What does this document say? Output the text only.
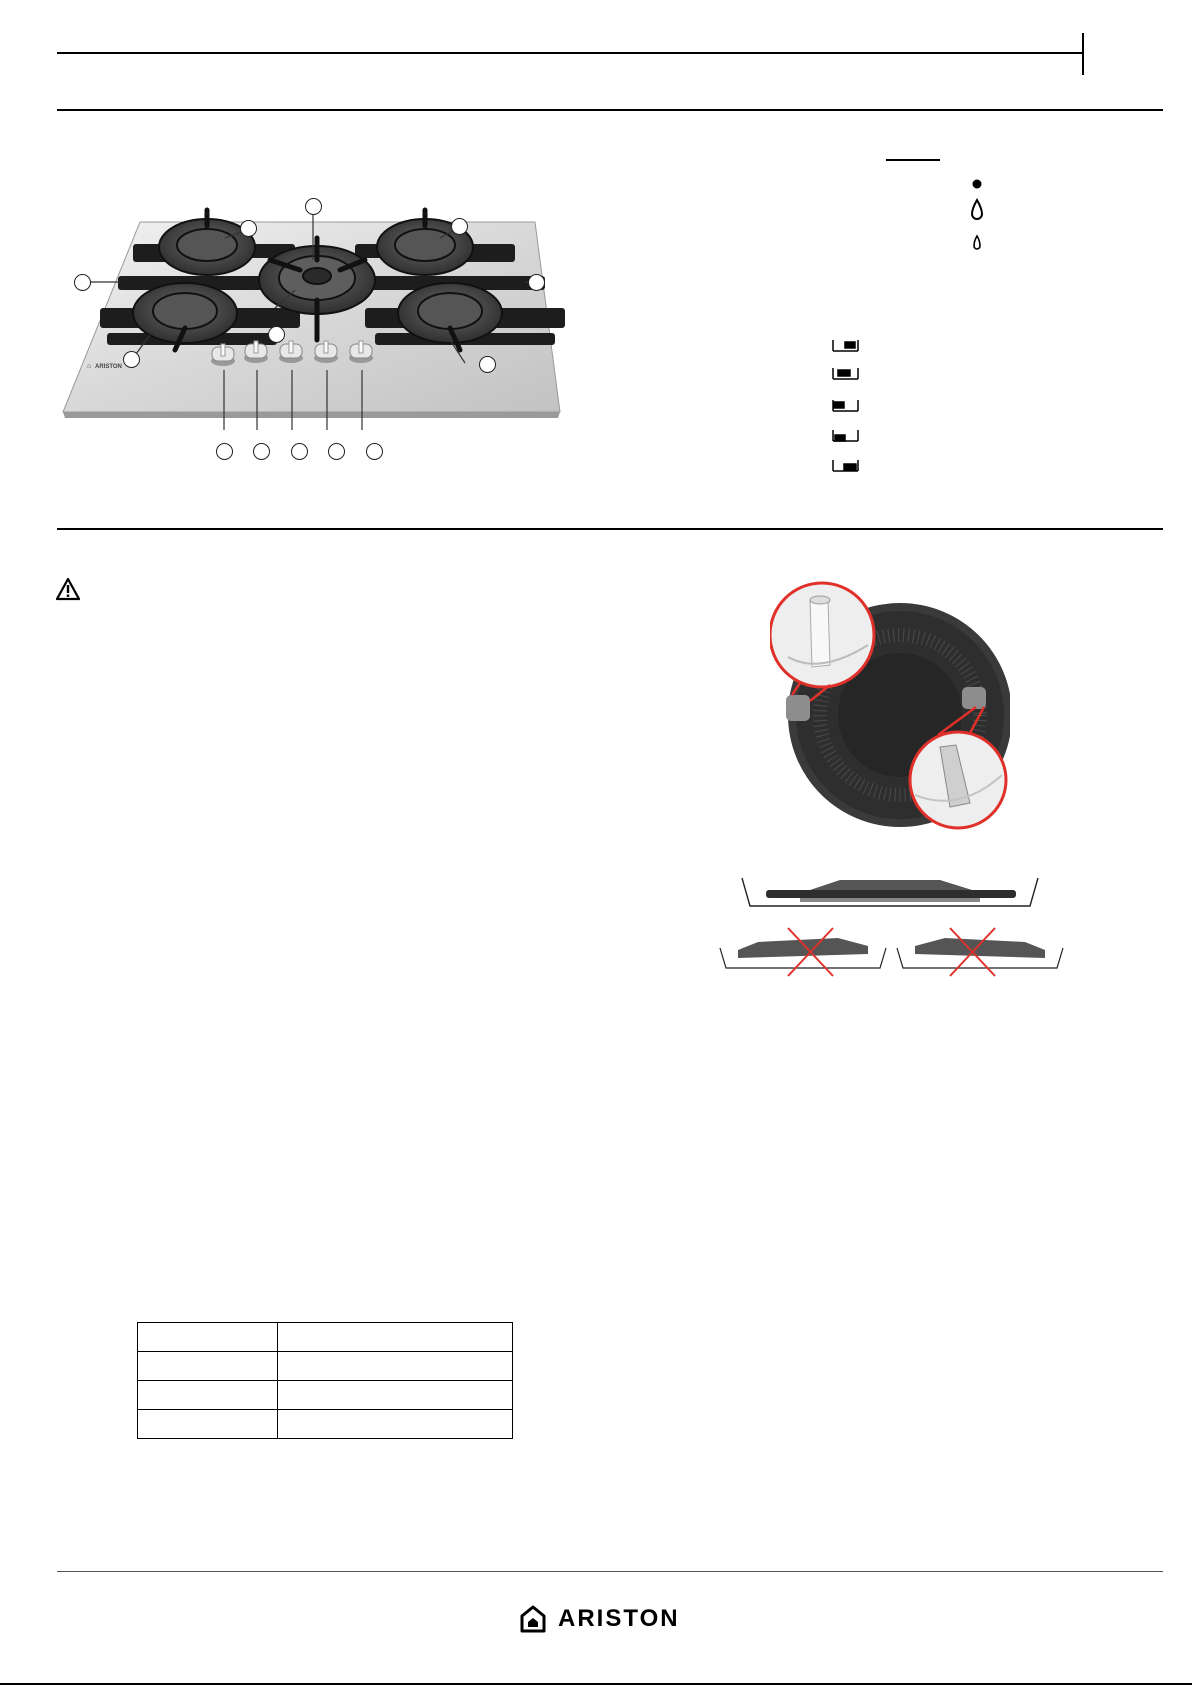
⌂ ARISTON

ARISTON
